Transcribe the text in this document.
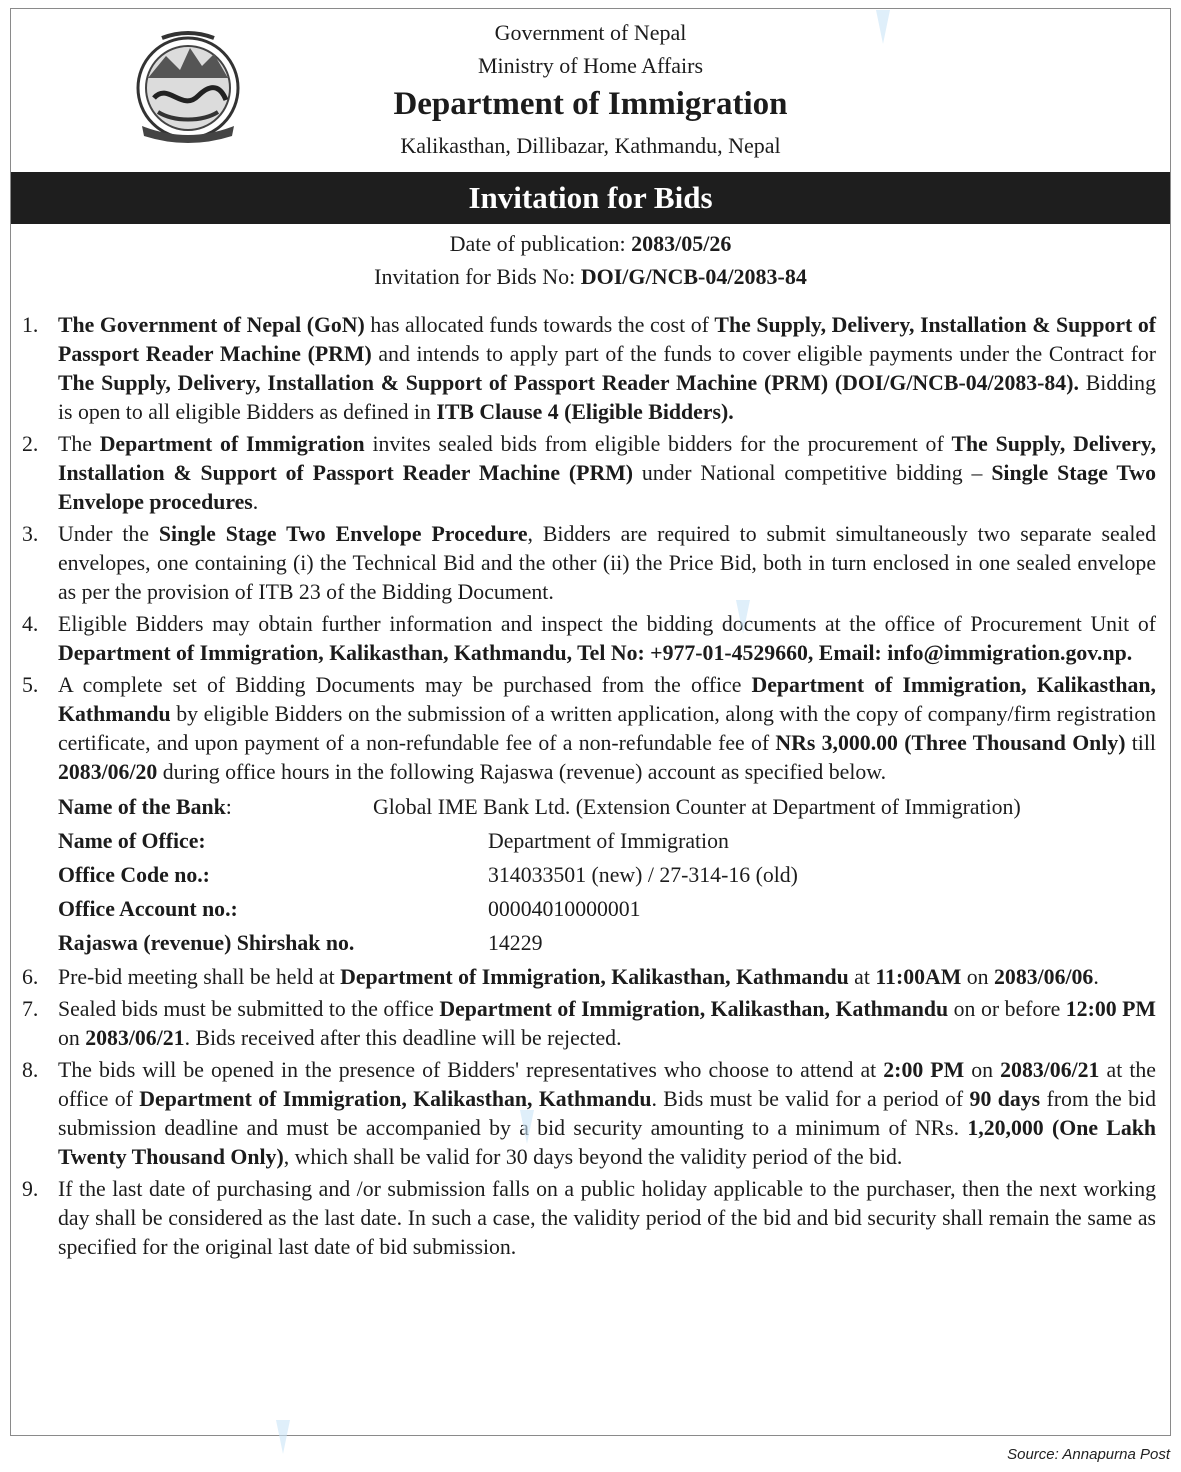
Government of Nepal
Ministry of Home Affairs
Department of Immigration
Kalikasthan, Dillibazar, Kathmandu, Nepal
Invitation for Bids
Date of publication: 2083/05/26
Invitation for Bids No: DOI/G/NCB-04/2083-84
1. The Government of Nepal (GoN) has allocated funds towards the cost of The Supply, Delivery, Installation & Support of Passport Reader Machine (PRM) and intends to apply part of the funds to cover eligible payments under the Contract for The Supply, Delivery, Installation & Support of Passport Reader Machine (PRM) (DOI/G/NCB-04/2083-84). Bidding is open to all eligible Bidders as defined in ITB Clause 4 (Eligible Bidders).
2. The Department of Immigration invites sealed bids from eligible bidders for the procurement of The Supply, Delivery, Installation & Support of Passport Reader Machine (PRM) under National competitive bidding – Single Stage Two Envelope procedures.
3. Under the Single Stage Two Envelope Procedure, Bidders are required to submit simultaneously two separate sealed envelopes, one containing (i) the Technical Bid and the other (ii) the Price Bid, both in turn enclosed in one sealed envelope as per the provision of ITB 23 of the Bidding Document.
4. Eligible Bidders may obtain further information and inspect the bidding documents at the office of Procurement Unit of Department of Immigration, Kalikasthan, Kathmandu, Tel No: +977-01-4529660, Email: info@immigration.gov.np.
5. A complete set of Bidding Documents may be purchased from the office Department of Immigration, Kalikasthan, Kathmandu by eligible Bidders on the submission of a written application, along with the copy of company/firm registration certificate, and upon payment of a non-refundable fee of a non-refundable fee of NRs 3,000.00 (Three Thousand Only) till 2083/06/20 during office hours in the following Rajaswa (revenue) account as specified below.
Name of the Bank:	Global IME Bank Ltd. (Extension Counter at Department of Immigration)
Name of Office:	Department of Immigration
Office Code no.:	314033501 (new) / 27-314-16 (old)
Office Account no.:	00004010000001
Rajaswa (revenue) Shirshak no.	14229
6. Pre-bid meeting shall be held at Department of Immigration, Kalikasthan, Kathmandu at 11:00AM on 2083/06/06.
7. Sealed bids must be submitted to the office Department of Immigration, Kalikasthan, Kathmandu on or before 12:00 PM on 2083/06/21. Bids received after this deadline will be rejected.
8. The bids will be opened in the presence of Bidders' representatives who choose to attend at 2:00 PM on 2083/06/21 at the office of Department of Immigration, Kalikasthan, Kathmandu. Bids must be valid for a period of 90 days from the bid submission deadline and must be accompanied by a bid security amounting to a minimum of NRs. 1,20,000 (One Lakh Twenty Thousand Only), which shall be valid for 30 days beyond the validity period of the bid.
9. If the last date of purchasing and /or submission falls on a public holiday applicable to the purchaser, then the next working day shall be considered as the last date. In such a case, the validity period of the bid and bid security shall remain the same as specified for the original last date of bid submission.
Source: Annapurna Post
